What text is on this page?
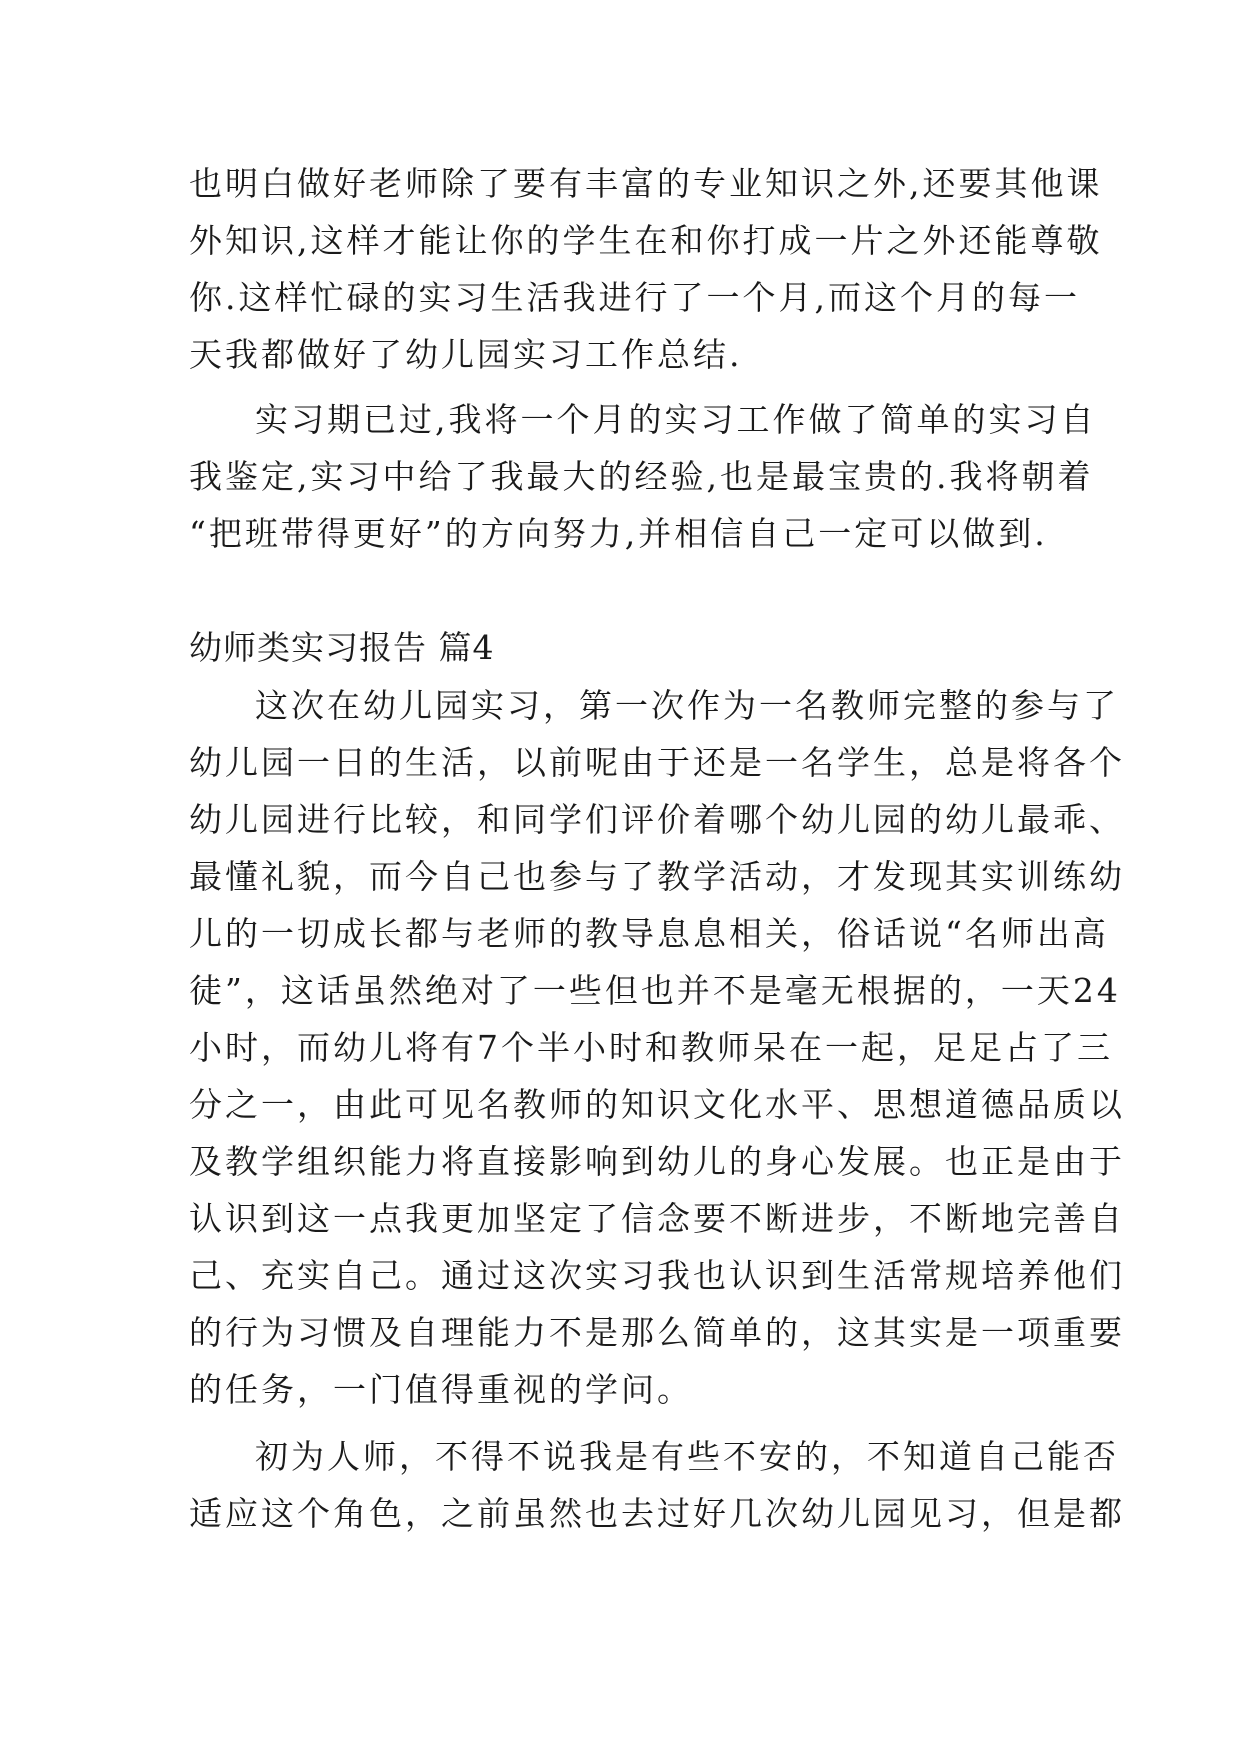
也明白做好老师除了要有丰富的专业知识之外,还要其他课
外知识,这样才能让你的学生在和你打成一片之外还能尊敬
你.这样忙碌的实习生活我进行了一个月,而这个月的每一
天我都做好了幼儿园实习工作总结.
实习期已过,我将一个月的实习工作做了简单的实习自
我鉴定,实习中给了我最大的经验,也是最宝贵的.我将朝着
“把班带得更好”的方向努力,并相信自己一定可以做到.
幼师类实习报告 篇4
这次在幼儿园实习，第一次作为一名教师完整的参与了
幼儿园一日的生活，以前呢由于还是一名学生，总是将各个
幼儿园进行比较，和同学们评价着哪个幼儿园的幼儿最乖、
最懂礼貌，而今自己也参与了教学活动，才发现其实训练幼
儿的一切成长都与老师的教导息息相关，俗话说“名师出高
徒”，这话虽然绝对了一些但也并不是毫无根据的，一天24
小时，而幼儿将有7个半小时和教师呆在一起，足足占了三
分之一，由此可见名教师的知识文化水平、思想道德品质以
及教学组织能力将直接影响到幼儿的身心发展。也正是由于
认识到这一点我更加坚定了信念要不断进步，不断地完善自
己、充实自己。通过这次实习我也认识到生活常规培养他们
的行为习惯及自理能力不是那么简单的，这其实是一项重要
的任务，一门值得重视的学问。
初为人师，不得不说我是有些不安的，不知道自己能否
适应这个角色，之前虽然也去过好几次幼儿园见习，但是都
